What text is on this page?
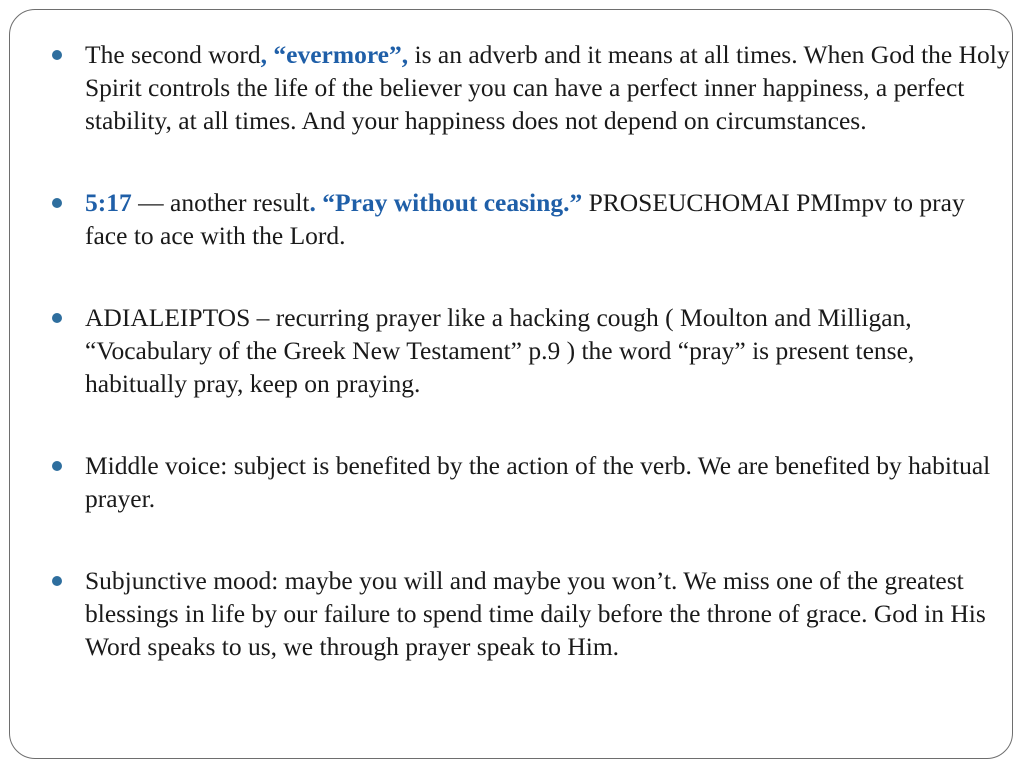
The second word, “evermore”, is an adverb and it means at all times. When God the Holy Spirit controls the life of the believer you can have a perfect inner happiness, a perfect stability, at all times. And your happiness does not depend on circumstances.
5:17 — another result. “Pray without ceasing.” PROSEUCHOMAI PMImpv to pray face to ace with the Lord.
ADIALEIPTOS – recurring prayer like a hacking cough ( Moulton and Milligan, “Vocabulary of the Greek New Testament” p.9 ) the word “pray” is present tense, habitually pray, keep on praying.
Middle voice: subject is benefited by the action of the verb. We are benefited by habitual prayer.
Subjunctive mood: maybe you will and maybe you won’t. We miss one of the greatest blessings in life by our failure to spend time daily before the throne of grace. God in His Word speaks to us, we through prayer speak to Him.
